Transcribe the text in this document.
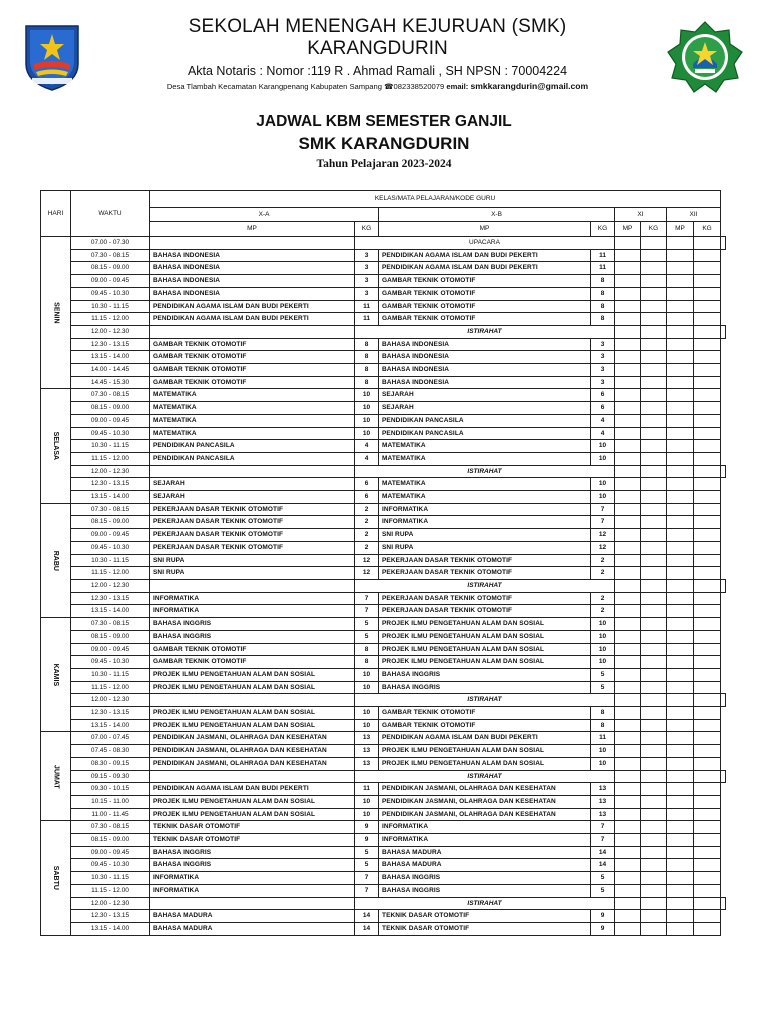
SEKOLAH MENENGAH KEJURUAN (SMK)
KARANGDURIN
Akta Notaris : Nomor :119 R . Ahmad Ramali , SH NPSN : 70004224
Desa Tlambah Kecamatan Karangpenang Kabupaten Sampang ☎082338520079 email: smkkarangdurin@gmail.com
JADWAL KBM SEMESTER GANJIL
SMK KARANGDURIN
Tahun Pelajaran 2023-2024
HARI	WAKTU	KELAS/MATA PELAJARAN/KODE GURU								
		X-A		X-B		XI		XII		
		MP	KG	MP	KG	MP	KG	MP	KG	
SENIN	07.00 - 07.30		UPACARA							
	07.30 - 08.15	BAHASA INDONESIA	3	PENDIDIKAN AGAMA ISLAM DAN BUDI PEKERTI	11					
	08.15 - 09.00	BAHASA INDONESIA	3	PENDIDIKAN AGAMA ISLAM DAN BUDI PEKERTI	11					
	09.00 - 09.45	BAHASA INDONESIA	3	GAMBAR TEKNIK OTOMOTIF	8					
	09.45 - 10.30	BAHASA INDONESIA	3	GAMBAR TEKNIK OTOMOTIF	8					
	10.30 - 11.15	PENDIDIKAN AGAMA ISLAM DAN BUDI PEKERTI	11	GAMBAR TEKNIK OTOMOTIF	8					
	11.15 - 12.00	PENDIDIKAN AGAMA ISLAM DAN BUDI PEKERTI	11	GAMBAR TEKNIK OTOMOTIF	8					
	12.00 - 12.30		ISTIRAHAT							
	12.30 - 13.15	GAMBAR TEKNIK OTOMOTIF	8	BAHASA INDONESIA	3					
	13.15 - 14.00	GAMBAR TEKNIK OTOMOTIF	8	BAHASA INDONESIA	3					
	14.00 - 14.45	GAMBAR TEKNIK OTOMOTIF	8	BAHASA INDONESIA	3					
	14.45 - 15.30	GAMBAR TEKNIK OTOMOTIF	8	BAHASA INDONESIA	3					
SELASA	07.30 - 08.15	MATEMATIKA	10	SEJARAH	6					
	08.15 - 09.00	MATEMATIKA	10	SEJARAH	6					
	09.00 - 09.45	MATEMATIKA	10	PENDIDIKAN PANCASILA	4					
	09.45 - 10.30	MATEMATIKA	10	PENDIDIKAN PANCASILA	4					
	10.30 - 11.15	PENDIDIKAN PANCASILA	4	MATEMATIKA	10					
	11.15 - 12.00	PENDIDIKAN PANCASILA	4	MATEMATIKA	10					
	12.00 - 12.30		ISTIRAHAT							
	12.30 - 13.15	SEJARAH	6	MATEMATIKA	10					
	13.15 - 14.00	SEJARAH	6	MATEMATIKA	10					
RABU	07.30 - 08.15	PEKERJAAN DASAR TEKNIK OTOMOTIF	2	INFORMATIKA	7					
	08.15 - 09.00	PEKERJAAN DASAR TEKNIK OTOMOTIF	2	INFORMATIKA	7					
	09.00 - 09.45	PEKERJAAN DASAR TEKNIK OTOMOTIF	2	SNI RUPA	12					
	09.45 - 10.30	PEKERJAAN DASAR TEKNIK OTOMOTIF	2	SNI RUPA	12					
	10.30 - 11.15	SNI RUPA	12	PEKERJAAN DASAR TEKNIK OTOMOTIF	2					
	11.15 - 12.00	SNI RUPA	12	PEKERJAAN DASAR TEKNIK OTOMOTIF	2					
	12.00 - 12.30		ISTIRAHAT							
	12.30 - 13.15	INFORMATIKA	7	PEKERJAAN DASAR TEKNIK OTOMOTIF	2					
	13.15 - 14.00	INFORMATIKA	7	PEKERJAAN DASAR TEKNIK OTOMOTIF	2					
KAMIS	07.30 - 08.15	BAHASA INGGRIS	5	PROJEK ILMU PENGETAHUAN ALAM DAN SOSIAL	10					
	08.15 - 09.00	BAHASA INGGRIS	5	PROJEK ILMU PENGETAHUAN ALAM DAN SOSIAL	10					
	09.00 - 09.45	GAMBAR TEKNIK OTOMOTIF	8	PROJEK ILMU PENGETAHUAN ALAM DAN SOSIAL	10					
	09.45 - 10.30	GAMBAR TEKNIK OTOMOTIF	8	PROJEK ILMU PENGETAHUAN ALAM DAN SOSIAL	10					
	10.30 - 11.15	PROJEK ILMU PENGETAHUAN ALAM DAN SOSIAL	10	BAHASA INGGRIS	5					
	11.15 - 12.00	PROJEK ILMU PENGETAHUAN ALAM DAN SOSIAL	10	BAHASA INGGRIS	5					
	12.00 - 12.30		ISTIRAHAT							
	12.30 - 13.15	PROJEK ILMU PENGETAHUAN ALAM DAN SOSIAL	10	GAMBAR TEKNIK OTOMOTIF	8					
	13.15 - 14.00	PROJEK ILMU PENGETAHUAN ALAM DAN SOSIAL	10	GAMBAR TEKNIK OTOMOTIF	8					
JUMAT	07.00 - 07.45	PENDIDIKAN JASMANI, OLAHRAGA DAN KESEHATAN	13	PENDIDIKAN AGAMA ISLAM DAN BUDI PEKERTI	11					
	07.45 - 08.30	PENDIDIKAN JASMANI, OLAHRAGA DAN KESEHATAN	13	PROJEK ILMU PENGETAHUAN ALAM DAN SOSIAL	10					
	08.30 - 09.15	PENDIDIKAN JASMANI, OLAHRAGA DAN KESEHATAN	13	PROJEK ILMU PENGETAHUAN ALAM DAN SOSIAL	10					
	09.15 - 09.30		ISTIRAHAT							
	09.30 - 10.15	PENDIDIKAN AGAMA ISLAM DAN BUDI PEKERTI	11	PENDIDIKAN JASMANI, OLAHRAGA DAN KESEHATAN	13					
	10.15 - 11.00	PROJEK ILMU PENGETAHUAN ALAM DAN SOSIAL	10	PENDIDIKAN JASMANI, OLAHRAGA DAN KESEHATAN	13					
	11.00 - 11.45	PROJEK ILMU PENGETAHUAN ALAM DAN SOSIAL	10	PENDIDIKAN JASMANI, OLAHRAGA DAN KESEHATAN	13					
SABTU	07.30 - 08.15	TEKNIK DASAR OTOMOTIF	9	INFORMATIKA	7					
	08.15 - 09.00	TEKNIK DASAR OTOMOTIF	9	INFORMATIKA	7					
	09.00 - 09.45	BAHASA INGGRIS	5	BAHASA MADURA	14					
	09.45 - 10.30	BAHASA INGGRIS	5	BAHASA MADURA	14					
	10.30 - 11.15	INFORMATIKA	7	BAHASA INGGRIS	5					
	11.15 - 12.00	INFORMATIKA	7	BAHASA INGGRIS	5					
	12.00 - 12.30		ISTIRAHAT							
	12.30 - 13.15	BAHASA MADURA	14	TEKNIK DASAR OTOMOTIF	9					
	13.15 - 14.00	BAHASA MADURA	14	TEKNIK DASAR OTOMOTIF	9					
